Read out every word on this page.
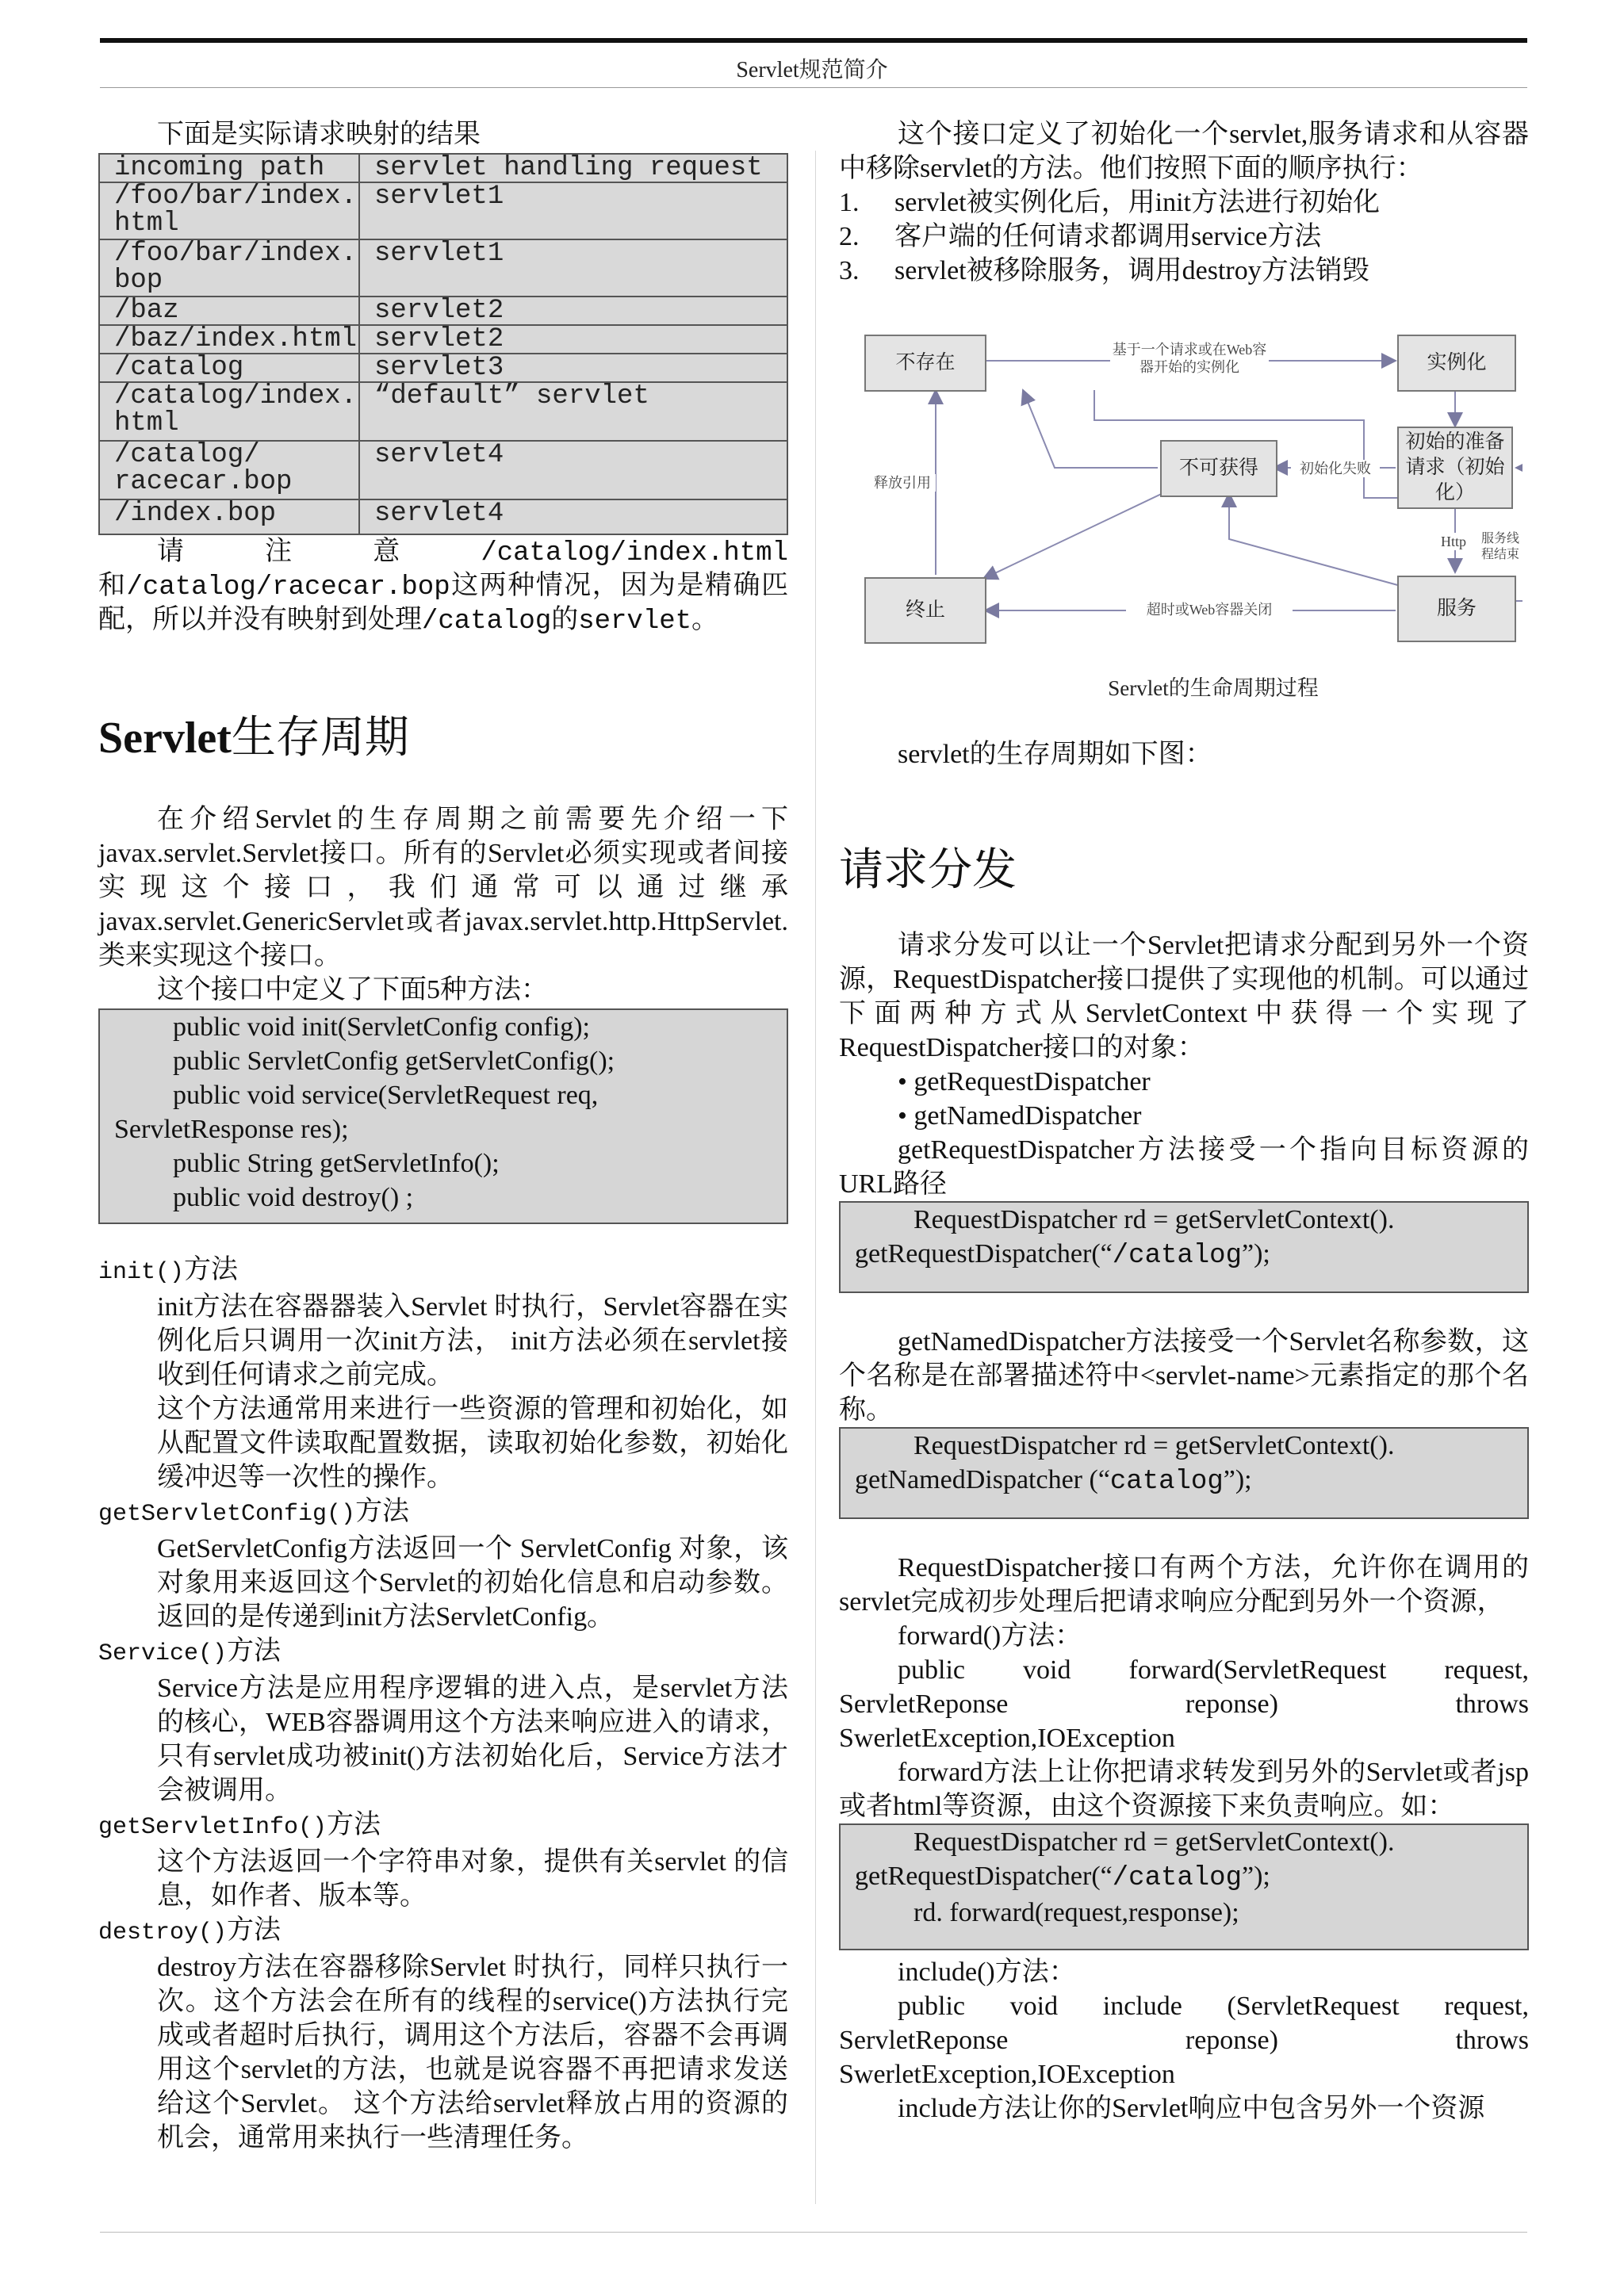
Servlet规范简介

下面是实际请求映射的结果

incoming path	servlet handling request
/foo/bar/index. html	servlet1
/foo/bar/index. bop	servlet1
/baz	servlet2
/baz/index.html	servlet2
/catalog	servlet3
/catalog/index. html	“default” servlet
/catalog/ racecar.bop	servlet4
/index.bop	servlet4

请注意/catalog/index.html 和/catalog/racecar.bop这两种情况，因为是精确匹配，所以并没有映射到处理/catalog的servlet。

Servlet生存周期

在介绍Servlet的生存周期之前需要先介绍一下javax.servlet.Servlet接口。所有的Servlet必须实现或者间接实现这个接口，我们通常可以通过继承javax.servlet.GenericServlet或者javax.servlet.http.HttpServlet.类来实现这个接口。

这个接口中定义了下面5种方法：

public void init(ServletConfig config);
public ServletConfig getServletConfig();
public void service(ServletRequest req,
ServletResponse res);
public String getServletInfo();
public void destroy() ;
init()方法

init方法在容器器装入Servlet 时执行，Servlet容器在实例化后只调用一次init方法， init方法必须在servlet接收到任何请求之前完成。

这个方法通常用来进行一些资源的管理和初始化，如从配置文件读取配置数据，读取初始化参数，初始化缓冲迟等一次性的操作。

getServletConfig()方法

GetServletConfig方法返回一个 ServletConfig 对象，该对象用来返回这个Servlet的初始化信息和启动参数。返回的是传递到init方法ServletConfig。

Service()方法

Service方法是应用程序逻辑的进入点，是servlet方法的核心，WEB容器调用这个方法来响应进入的请求，只有servlet成功被init()方法初始化后，Service方法才会被调用。

getServletInfo()方法

这个方法返回一个字符串对象，提供有关servlet 的信息，如作者、版本等。

destroy()方法

destroy方法在容器移除Servlet 时执行，同样只执行一次。这个方法会在所有的线程的service()方法执行完成或者超时后执行，调用这个方法后，容器不会再调用这个servlet的方法，也就是说容器不再把请求发送给这个Servlet。 这个方法给servlet释放占用的资源的机会，通常用来执行一些清理任务。

这个接口定义了初始化一个servlet,服务请求和从容器中移除servlet的方法。他们按照下面的顺序执行：

1. servlet被实例化后，用init方法进行初始化
2. 客户端的任何请求都调用service方法
3. servlet被移除服务，调用destroy方法销毁
不存在	实例化
不可获得
初始的准备请求（初始化）
终止	服务
基于一个请求或在Web容器开始的实例化
初始化失败
释放引用
Http	服务线程结束
超时或Web容器关闭
Servlet的生命周期过程

servlet的生存周期如下图：

请求分发

请求分发可以让一个Servlet把请求分配到另外一个资源，RequestDispatcher接口提供了实现他的机制。可以通过下面两种方式从ServletContext中获得一个实现了RequestDispatcher接口的对象：

• getRequestDispatcher
• getNamedDispatcher

getRequestDispatcher方法接受一个指向目标资源的URL路径

RequestDispatcher rd = getServletContext().
getRequestDispatcher(“/catalog”);

getNamedDispatcher方法接受一个Servlet名称参数，这个名称是在部署描述符中<servlet-name>元素指定的那个名称。

RequestDispatcher rd = getServletContext().
getNamedDispatcher (“catalog”);

RequestDispatcher接口有两个方法，允许你在调用的servlet完成初步处理后把请求响应分配到另外一个资源，

forward()方法：

public void forward(ServletRequest request, ServletReponse reponse) throws SwerletException,IOException

forward方法上让你把请求转发到另外的Servlet或者jsp或者html等资源，由这个资源接下来负责响应。如：

RequestDispatcher rd = getServletContext().
getRequestDispatcher(“/catalog”);
rd. forward(request,response);
include()方法：

public void include (ServletRequest request, ServletReponse reponse) throws SwerletException,IOException

include方法让你的Servlet响应中包含另外一个资源
